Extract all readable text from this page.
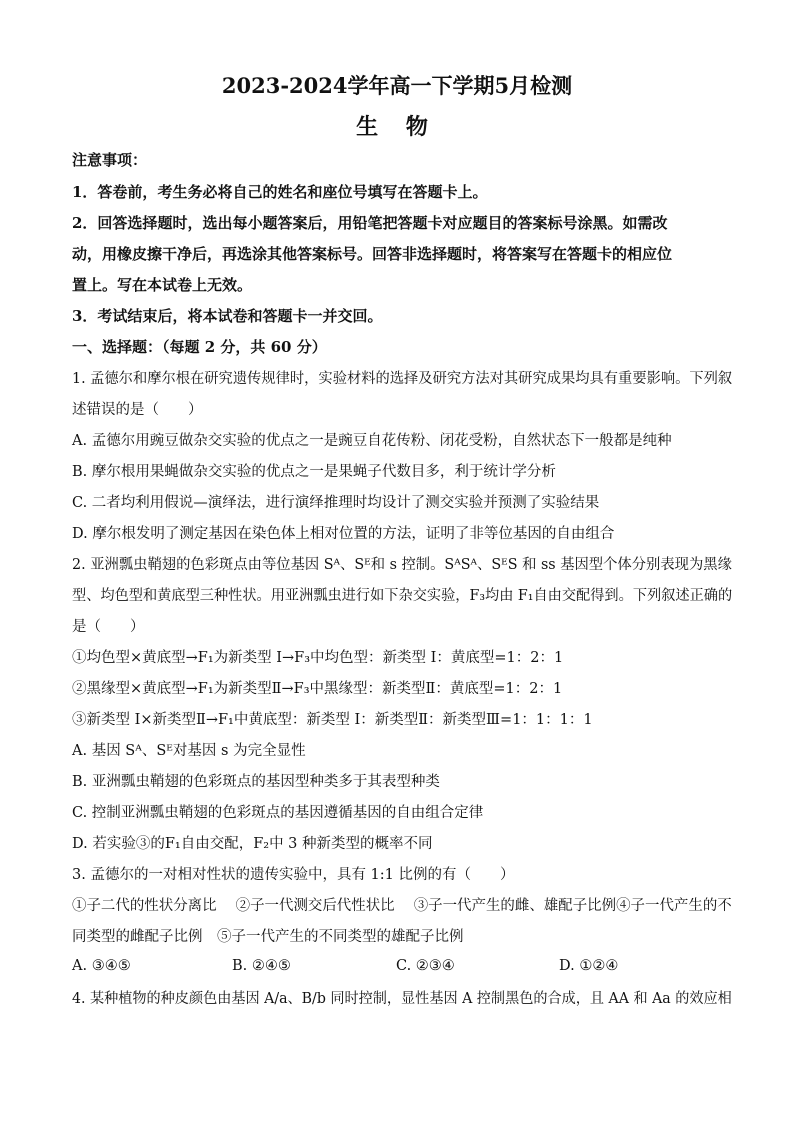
2023-2024学年高一下学期5月检测
生 物
注意事项：
1．答卷前，考生务必将自己的姓名和座位号填写在答题卡上。
2．回答选择题时，选出每小题答案后，用铅笔把答题卡对应题目的答案标号涂黑。如需改
动，用橡皮擦干净后，再选涂其他答案标号。回答非选择题时，将答案写在答题卡的相应位
置上。写在本试卷上无效。
3．考试结束后，将本试卷和答题卡一并交回。
一、选择题：（每题 2 分，共 60 分）
1. 孟德尔和摩尔根在研究遗传规律时，实验材料的选择及研究方法对其研究成果均具有重要影响。下列叙
述错误的是（　　）
A. 孟德尔用豌豆做杂交实验的优点之一是豌豆自花传粉、闭花受粉，自然状态下一般都是纯种
B. 摩尔根用果蝇做杂交实验的优点之一是果蝇子代数目多，利于统计学分析
C. 二者均利用假说—演绎法，进行演绎推理时均设计了测交实验并预测了实验结果
D. 摩尔根发明了测定基因在染色体上相对位置的方法，证明了非等位基因的自由组合
2. 亚洲瓢虫鞘翅的色彩斑点由等位基因 Sᴬ、Sᴱ和 s 控制。SᴬSᴬ、SᴱS 和 ss 基因型个体分别表现为黑缘
型、均色型和黄底型三种性状。用亚洲瓢虫进行如下杂交实验，F₃均由 F₁自由交配得到。下列叙述正确的
是（　　）
①均色型×黄底型→F₁为新类型 I→F₃中均色型：新类型 I：黄底型=1：2：1
②黑缘型×黄底型→F₁为新类型Ⅱ→F₃中黑缘型：新类型Ⅱ：黄底型=1：2：1
③新类型 I×新类型Ⅱ→F₁中黄底型：新类型 I：新类型Ⅱ：新类型Ⅲ=1：1：1：1
A. 基因 Sᴬ、Sᴱ对基因 s 为完全显性
B. 亚洲瓢虫鞘翅的色彩斑点的基因型种类多于其表型种类
C. 控制亚洲瓢虫鞘翅的色彩斑点的基因遵循基因的自由组合定律
D. 若实验③的F₁自由交配，F₂中 3 种新类型的概率不同
3. 孟德尔的一对相对性状的遗传实验中，具有 1:1 比例的有（　　）
①子二代的性状分离比　 ②子一代测交后代性状比　 ③子一代产生的雌、雄配子比例④子一代产生的不
同类型的雌配子比例　⑤子一代产生的不同类型的雄配子比例
A. ③④⑤	B. ②④⑤	C. ②③④	D. ①②④
4. 某种植物的种皮颜色由基因 A/a、B/b 同时控制，显性基因 A 控制黑色的合成，且 AA 和 Aa 的效应相
